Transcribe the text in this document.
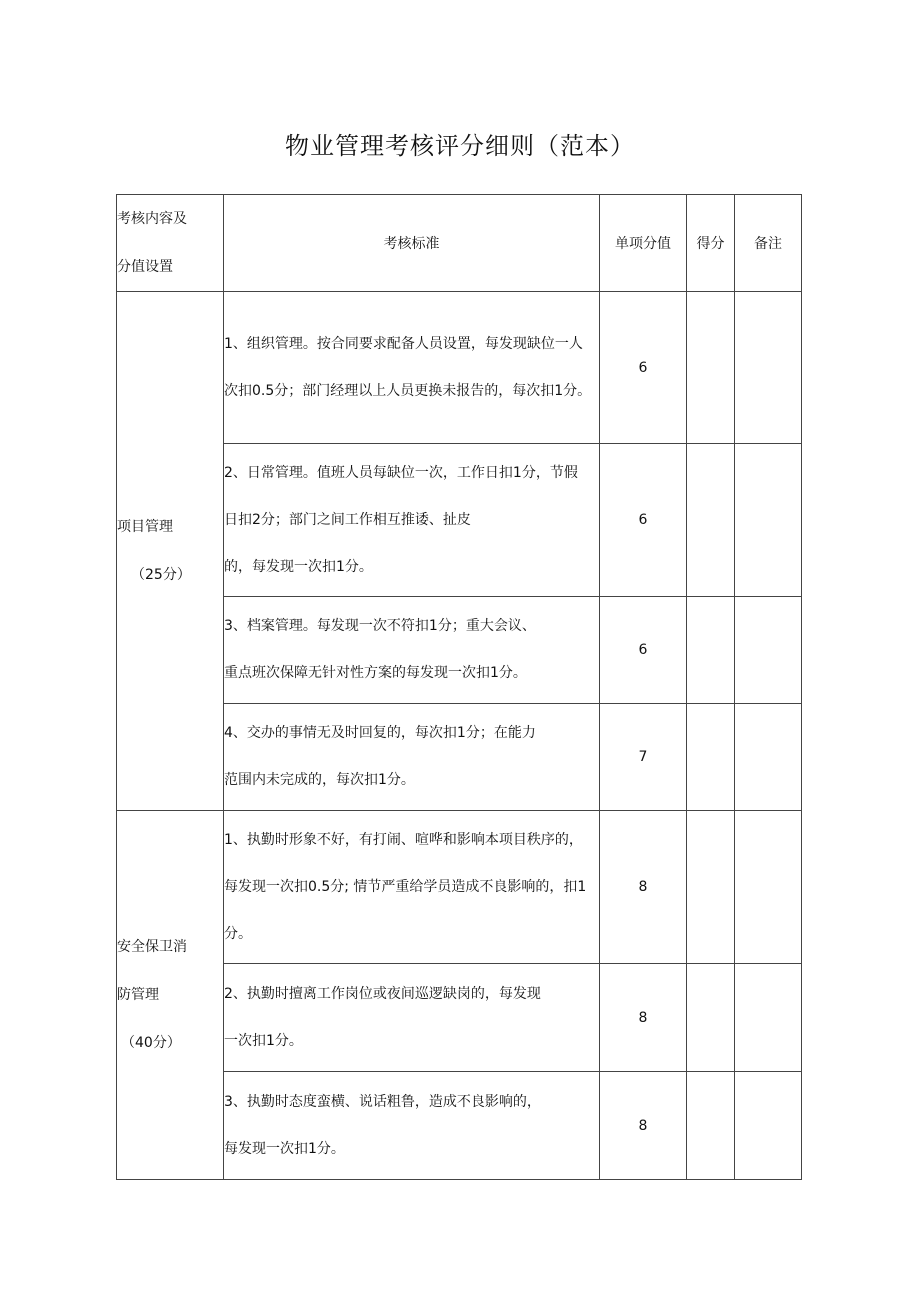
物业管理考核评分细则（范本）
考核内容及
分值设置	考核标准	单项分值	得分	备注

项目管理
（25分）	1、组织管理。按合同要求配备人员设置，每发现缺位一人
次扣0.5分；部门经理以上人员更换未报告的，每次扣1分。	6		

	2、日常管理。值班人员每缺位一次，工作日扣1分，节假
日扣2分；部门之间工作相互推诿、扯皮
的，每发现一次扣1分。	6		

	3、档案管理。每发现一次不符扣1分；重大会议、
重点班次保障无针对性方案的每发现一次扣1分。	6		

	4、交办的事情无及时回复的，每次扣1分；在能力
范围内未完成的，每次扣1分。	7		

安全保卫消
防管理
（40分）	1、执勤时形象不好，有打闹、喧哗和影响本项目秩序的，
每发现一次扣0.5分; 情节严重给学员造成不良影响的，扣1
分。	8		

	2、执勤时擅离工作岗位或夜间巡逻缺岗的，每发现
一次扣1分。	8		

	3、执勤时态度蛮横、说话粗鲁，造成不良影响的，
每发现一次扣1分。	8		
